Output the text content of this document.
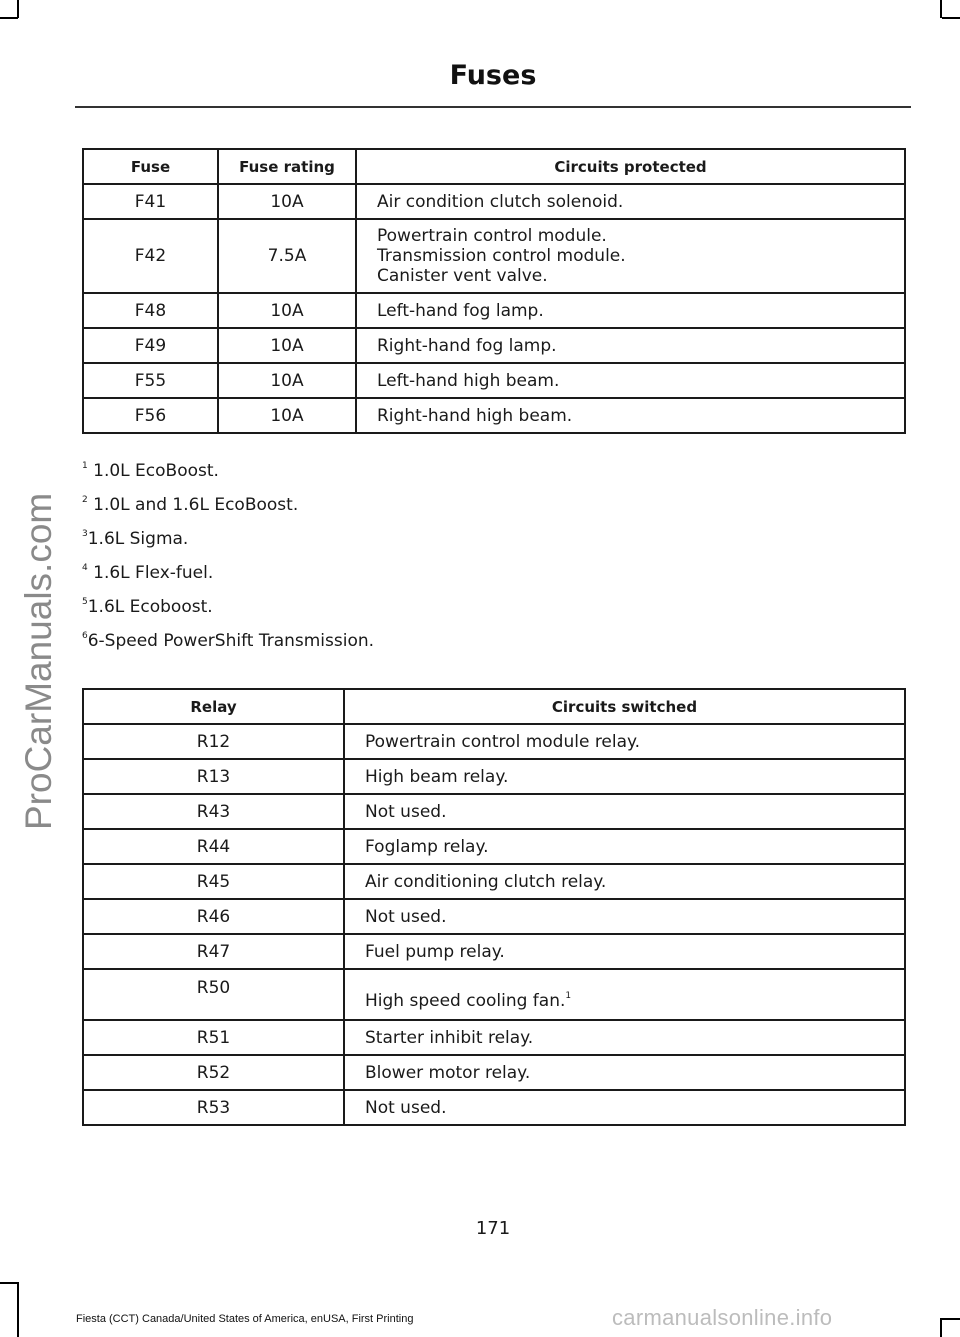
ProCarManuals.com
Fuses
Fuse	Fuse rating	Circuits protected
F41	10A	Air condition clutch solenoid.
F42	7.5A	Powertrain control module.
Transmission control module.
Canister vent valve.

F48	10A	Left-hand fog lamp.
F49	10A	Right-hand fog lamp.
F55	10A	Left-hand high beam.
F56	10A	Right-hand high beam.
$^1$ 1.0L EcoBoost.
$^2$ 1.0L and 1.6L EcoBoost.
$^3$1.6L Sigma.
$^4$ 1.6L Flex-fuel.
$^5$1.6L Ecoboost.
$^6$6-Speed PowerShift Transmission.
Relay	Circuits switched
R12	Powertrain control module relay.
R13	High beam relay.
R43	Not used.
R44	Foglamp relay.
R45	Air conditioning clutch relay.
R46	Not used.
R47	Fuel pump relay.
R50	High speed cooling fan.$^1$
R51	Starter inhibit relay.
R52	Blower motor relay.
R53	Not used.
171
Fiesta (CCT) Canada/United States of America, enUSA, First Printing	carmanualsonline.info
